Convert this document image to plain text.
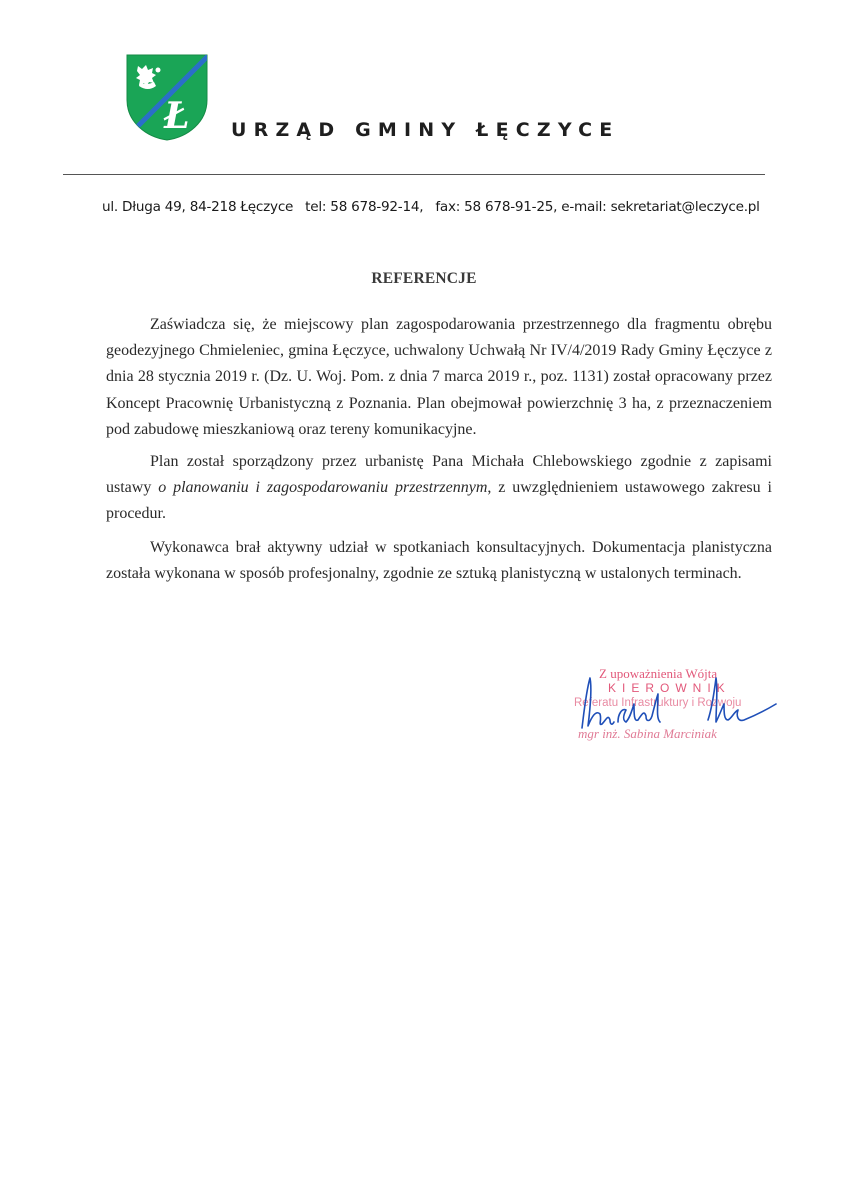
Ł URZĄD GMINY ŁĘCZYCE
ul. Długa 49, 84-218 Łęczyce tel: 58 678-92-14, fax: 58 678-91-25, e-mail: sekretariat@leczyce.pl
REFERENCJE

Zaświadcza się, że miejscowy plan zagospodarowania przestrzennego dla fragmentu obrębu geodezyjnego Chmieleniec, gmina Łęczyce, uchwalony Uchwałą Nr IV/4/2019 Rady Gminy Łęczyce z dnia 28 stycznia 2019 r. (Dz. U. Woj. Pom. z dnia 7 marca 2019 r., poz. 1131) został opracowany przez Koncept Pracownię Urbanistyczną z Poznania. Plan obejmował powierzchnię 3 ha, z przeznaczeniem pod zabudowę mieszkaniową oraz tereny komunikacyjne.

Plan został sporządzony przez urbanistę Pana Michała Chlebowskiego zgodnie z zapisami ustawy o planowaniu i zagospodarowaniu przestrzennym, z uwzględnieniem ustawowego zakresu i procedur.

Wykonawca brał aktywny udział w spotkaniach konsultacyjnych. Dokumentacja planistyczna została wykonana w sposób profesjonalny, zgodnie ze sztuką planistyczną w ustalonych terminach.

Z upoważnienia Wójta
KIEROWNIK
Referatu Infrastruktury i Rozwoju
mgr inż. Sabina Marciniak
